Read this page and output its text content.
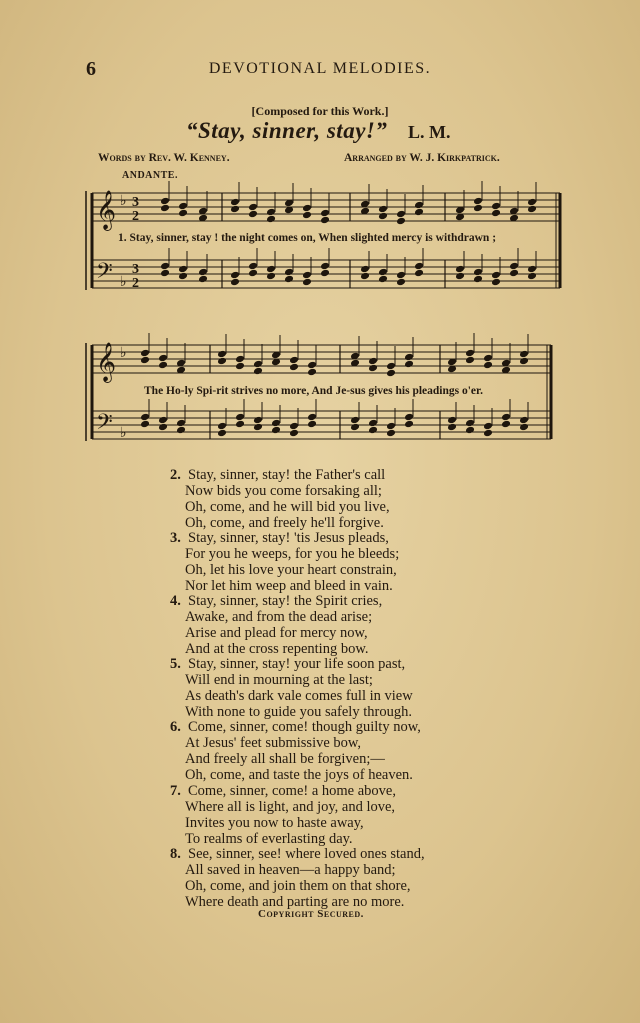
6	DEVOTIONAL MELODIES.
[Composed for this Work.]
“Stay, sinner, stay!” L. M.
Words by Rev. W. Kenney.	Arranged by W. J. Kirkpatrick.
ANDANTE.
𝄞
𝄢
♭
♭
3
2
3
2
𝄞
𝄢
♭
♭
1. Stay, sinner, stay ! the night comes on, When slighted mercy is withdrawn ;
The Ho-ly Spi-rit strives no more, And Je-sus gives his pleadings o'er.
2. Stay, sinner, stay! the Father's call
Now bids you come forsaking all;
Oh, come, and he will bid you live,
Oh, come, and freely he'll forgive.
3. Stay, sinner, stay! 'tis Jesus pleads,
For you he weeps, for you he bleeds;
Oh, let his love your heart constrain,
Nor let him weep and bleed in vain.
4. Stay, sinner, stay! the Spirit cries,
Awake, and from the dead arise;
Arise and plead for mercy now,
And at the cross repenting bow.
5. Stay, sinner, stay! your life soon past,
Will end in mourning at the last;
As death's dark vale comes full in view
With none to guide you safely through.
6. Come, sinner, come! though guilty now,
At Jesus' feet submissive bow,
And freely all shall be forgiven;—
Oh, come, and taste the joys of heaven.
7. Come, sinner, come! a home above,
Where all is light, and joy, and love,
Invites you now to haste away,
To realms of everlasting day.
8. See, sinner, see! where loved ones stand,
All saved in heaven—a happy band;
Oh, come, and join them on that shore,
Where death and parting are no more.
Copyright Secured.
